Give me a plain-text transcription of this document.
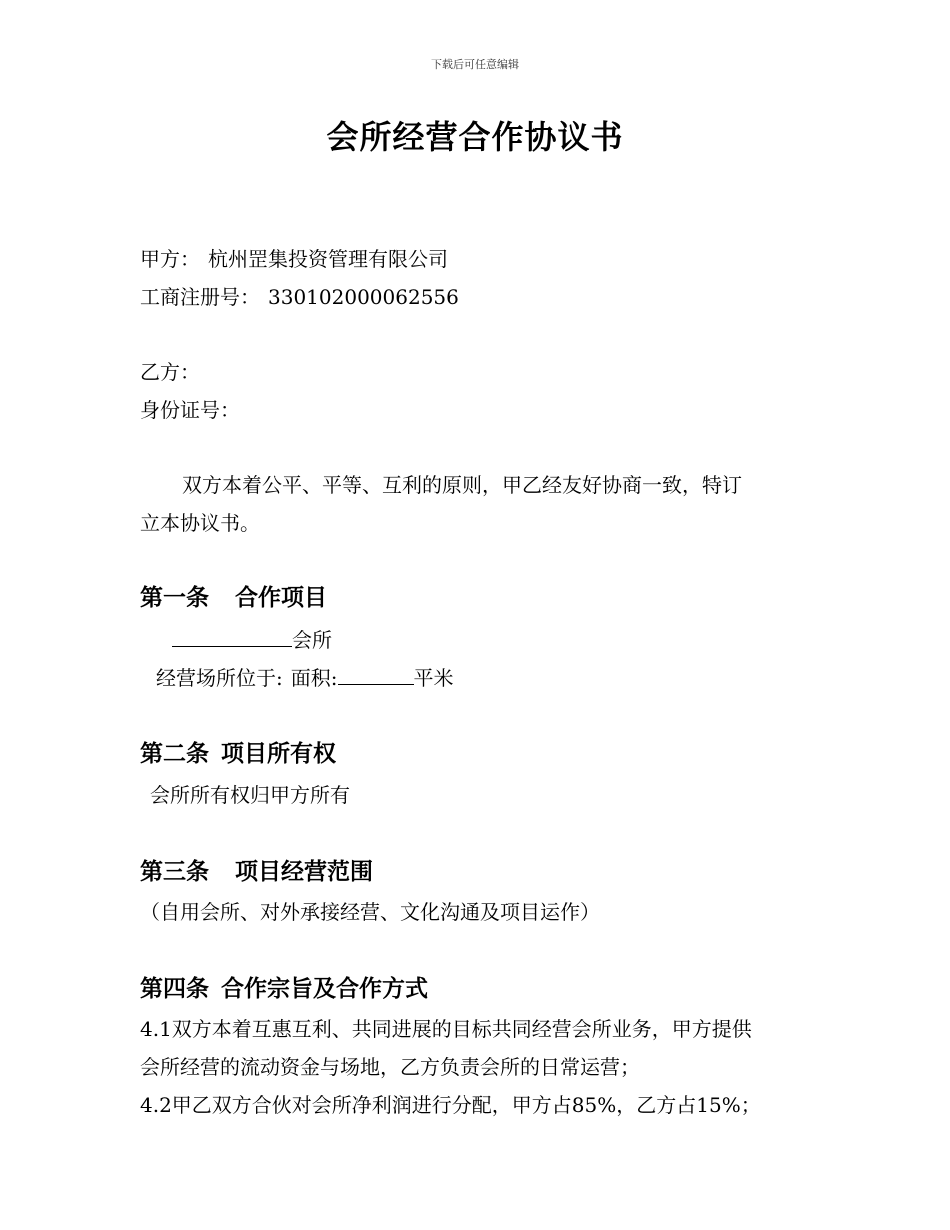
下载后可任意编辑
会所经营合作协议书
甲方： 杭州罡集投资管理有限公司
工商注册号： 330102000062556
乙方：
身份证号：
双方本着公平、平等、互利的原则，甲乙经友好协商一致，特订
立本协议书。
第一条 合作项目
会所
经营场所位于: 面积:	平米
第二条 项目所有权
会所所有权归甲方所有
第三条 项目经营范围
（自用会所、对外承接经营、文化沟通及项目运作）
第四条 合作宗旨及合作方式
4.1双方本着互惠互利、共同进展的目标共同经营会所业务，甲方提供
会所经营的流动资金与场地，乙方负责会所的日常运营；
4.2甲乙双方合伙对会所净利润进行分配，甲方占85%，乙方占15%；
